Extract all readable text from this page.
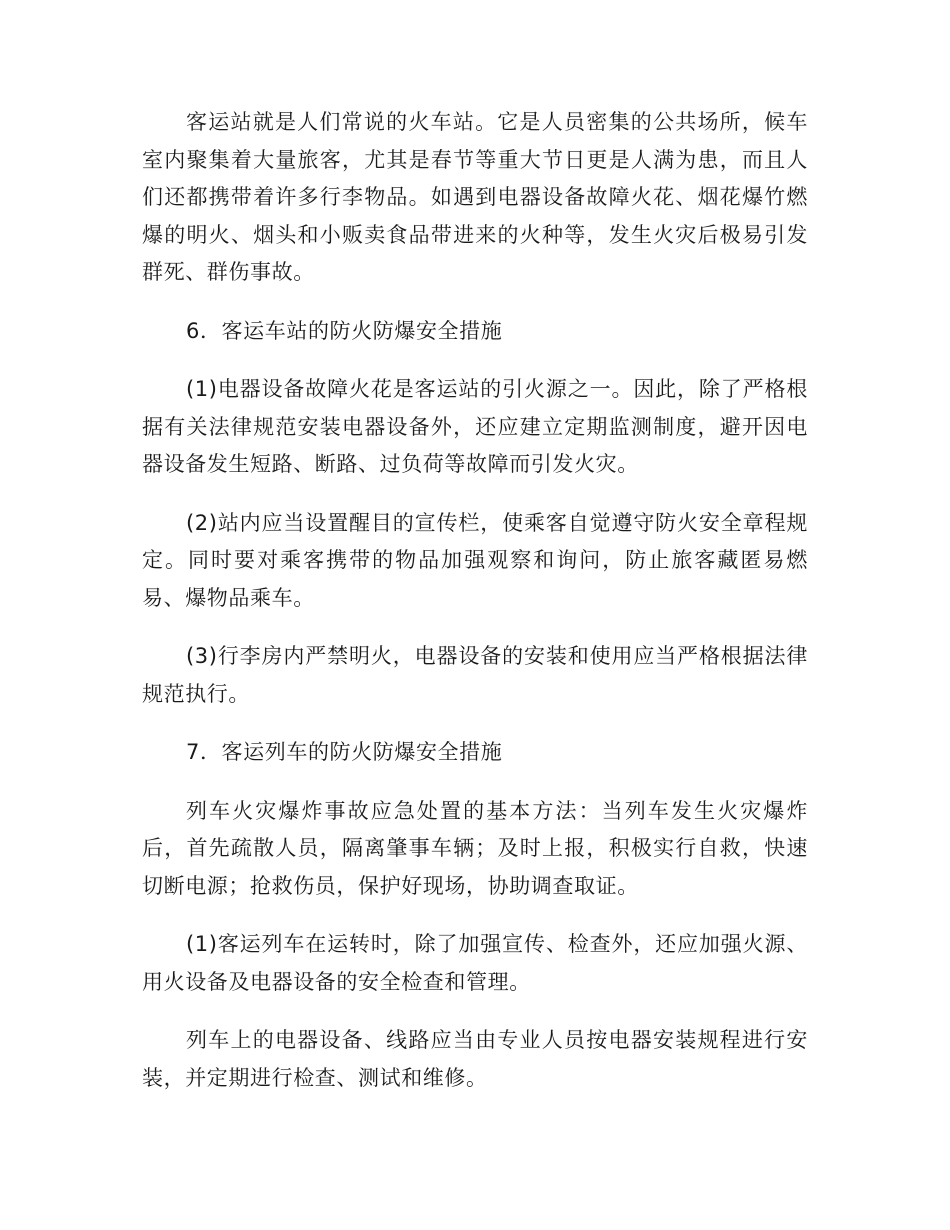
客运站就是人们常说的火车站。它是人员密集的公共场所，候车室内聚集着大量旅客，尤其是春节等重大节日更是人满为患，而且人们还都携带着许多行李物品。如遇到电器设备故障火花、烟花爆竹燃爆的明火、烟头和小贩卖食品带进来的火种等，发生火灾后极易引发群死、群伤事故。

6．客运车站的防火防爆安全措施

(1)电器设备故障火花是客运站的引火源之一。因此，除了严格根据有关法律规范安装电器设备外，还应建立定期监测制度，避开因电器设备发生短路、断路、过负荷等故障而引发火灾。

(2)站内应当设置醒目的宣传栏，使乘客自觉遵守防火安全章程规定。同时要对乘客携带的物品加强观察和询问，防止旅客藏匿易燃易、爆物品乘车。

(3)行李房内严禁明火，电器设备的安装和使用应当严格根据法律规范执行。

7．客运列车的防火防爆安全措施

列车火灾爆炸事故应急处置的基本方法：当列车发生火灾爆炸后，首先疏散人员，隔离肇事车辆；及时上报，积极实行自救，快速切断电源；抢救伤员，保护好现场，协助调查取证。

(1)客运列车在运转时，除了加强宣传、检查外，还应加强火源、用火设备及电器设备的安全检查和管理。

列车上的电器设备、线路应当由专业人员按电器安装规程进行安装，并定期进行检查、测试和维修。
